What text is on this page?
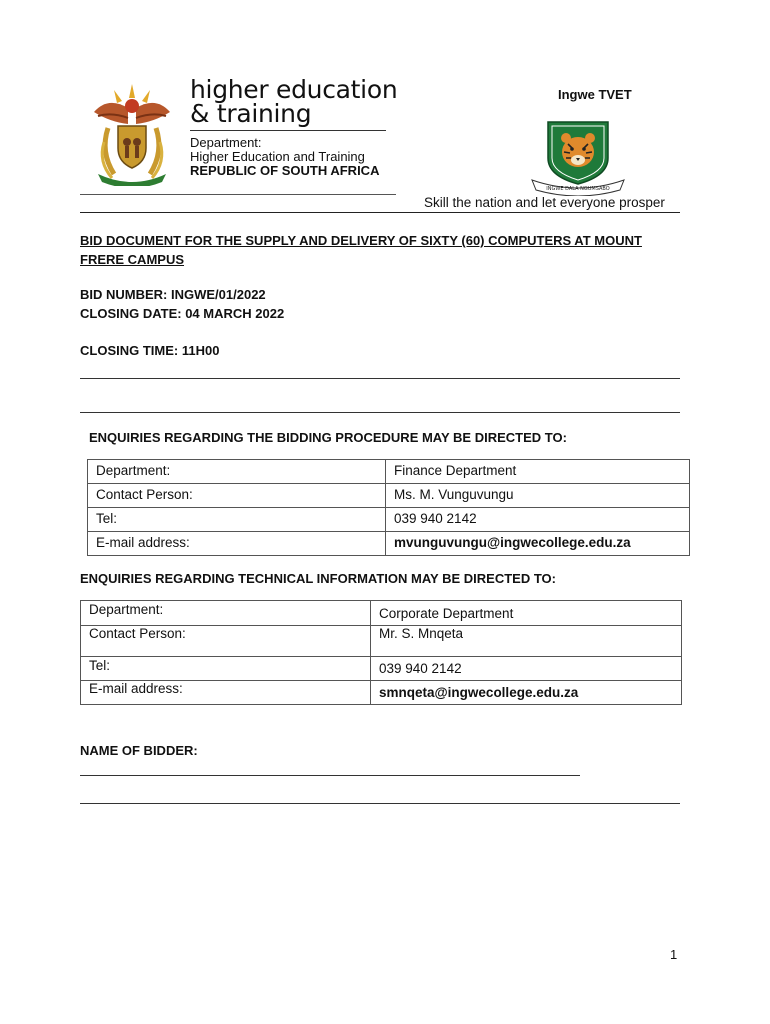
higher education
& training
Department:
Higher Education and Training
REPUBLIC OF SOUTH AFRICA
Ingwe TVET
INGWE DALA NGUMSABO
Skill the nation and let everyone prosper
BID DOCUMENT FOR THE SUPPLY AND DELIVERY OF SIXTY (60) COMPUTERS AT MOUNT FRERE CAMPUS
BID NUMBER: INGWE/01/2022
CLOSING DATE: 04 MARCH 2022
CLOSING TIME: 11H00
ENQUIRIES REGARDING THE BIDDING PROCEDURE MAY BE DIRECTED TO:
Department:	Finance Department
Contact Person:	Ms. M. Vunguvungu
Tel:	039 940 2142
E-mail address:	mvunguvungu@ingwecollege.edu.za
ENQUIRIES REGARDING TECHNICAL INFORMATION MAY BE DIRECTED TO:
Department:	Corporate Department
Contact Person:	Mr. S. Mnqeta
Tel:	039 940 2142
E-mail address:	smnqeta@ingwecollege.edu.za
NAME OF BIDDER:
1
